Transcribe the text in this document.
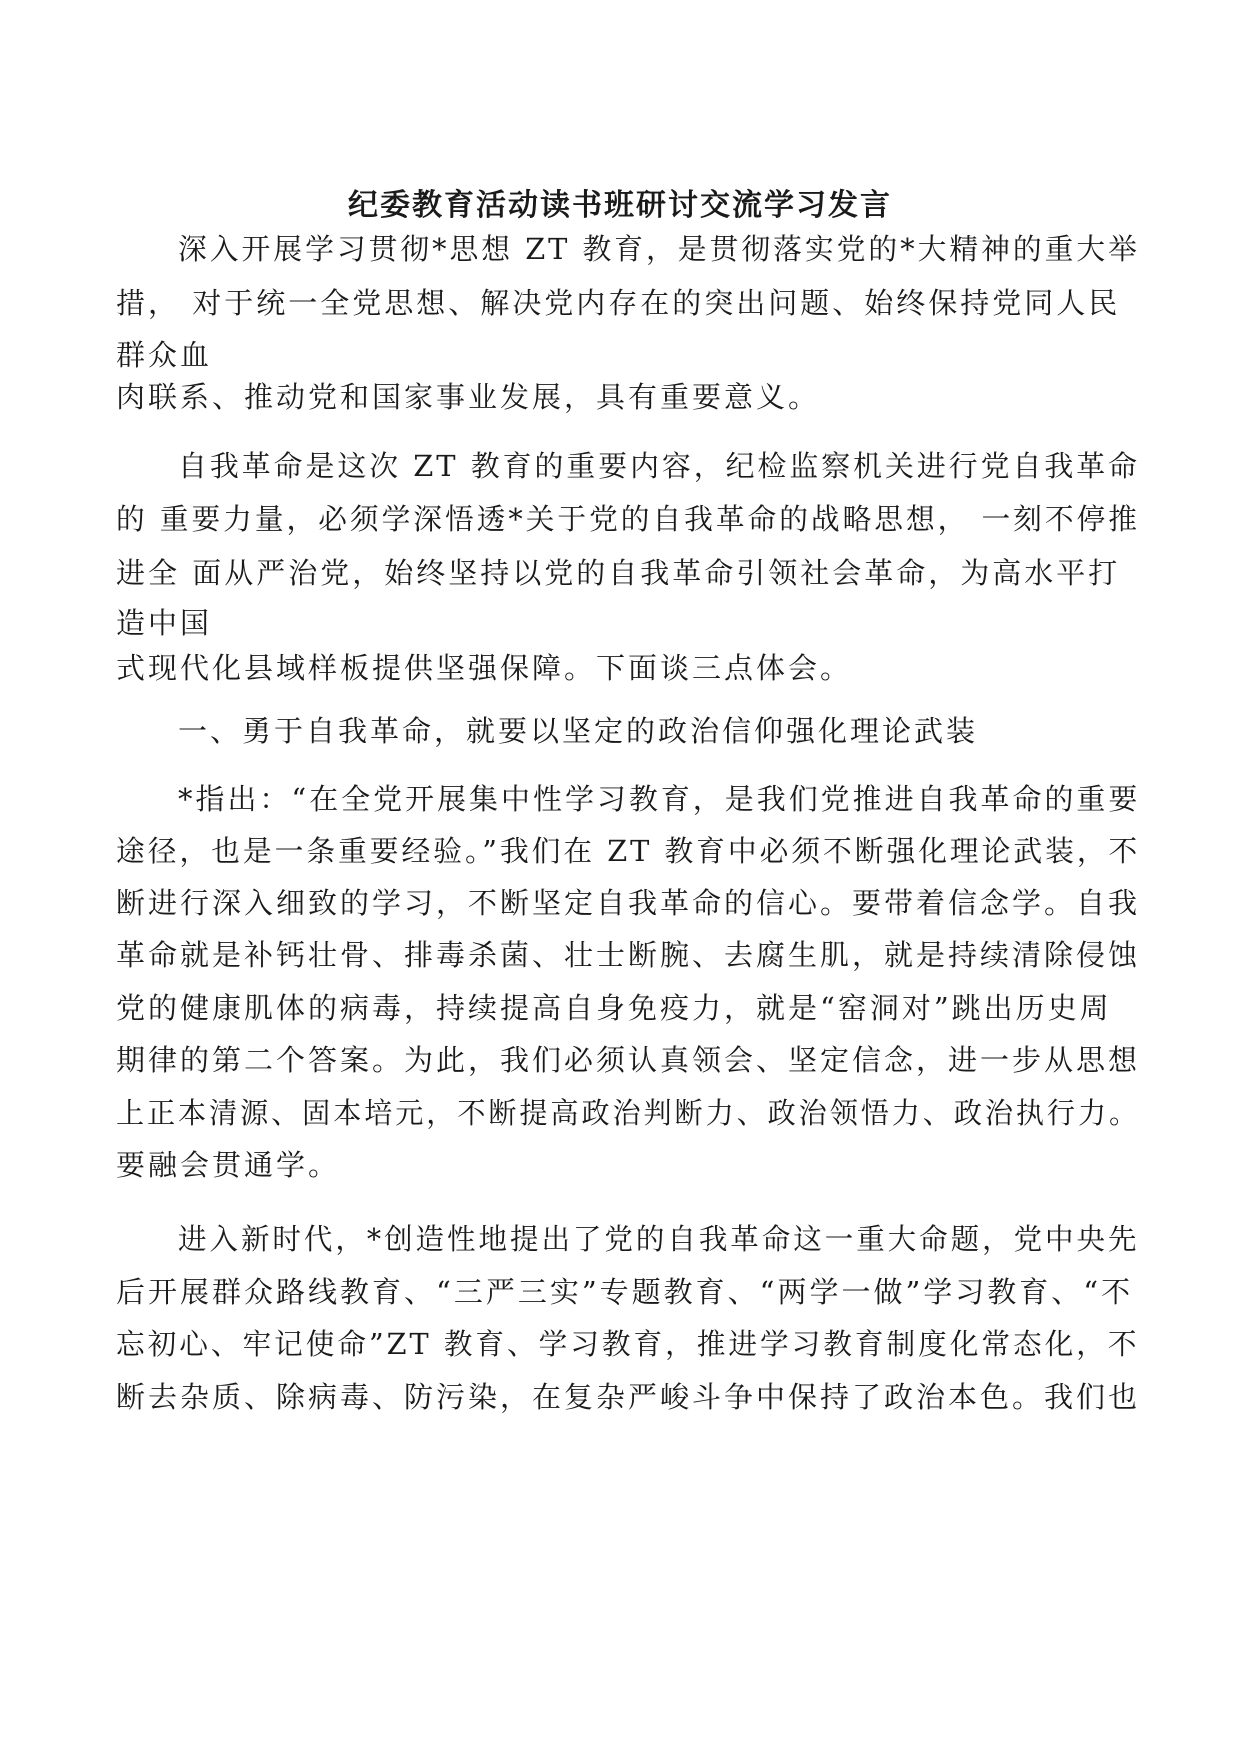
纪委教育活动读书班研讨交流学习发言
深入开展学习贯彻*思想 ZT 教育，是贯彻落实党的*大精神的重大举
措， 对于统一全党思想、解决党内存在的突出问题、始终保持党同人民
群众血
肉联系、推动党和国家事业发展，具有重要意义。
自我革命是这次 ZT 教育的重要内容，纪检监察机关进行党自我革命
的 重要力量，必须学深悟透*关于党的自我革命的战略思想， 一刻不停推
进全 面从严治党，始终坚持以党的自我革命引领社会革命，为高水平打
造中国
式现代化县域样板提供坚强保障。下面谈三点体会。
一、勇于自我革命，就要以坚定的政治信仰强化理论武装
*指出：“在全党开展集中性学习教育，是我们党推进自我革命的重要
途径，也是一条重要经验。”我们在 ZT 教育中必须不断强化理论武装，不
断进行深入细致的学习，不断坚定自我革命的信心。要带着信念学。自我
革命就是补钙壮骨、排毒杀菌、壮士断腕、去腐生肌，就是持续清除侵蚀
党的健康肌体的病毒，持续提高自身免疫力，就是“窑洞对”跳出历史周
期律的第二个答案。为此，我们必须认真领会、坚定信念，进一步从思想
上正本清源、固本培元，不断提高政治判断力、政治领悟力、政治执行力。
要融会贯通学。
进入新时代，*创造性地提出了党的自我革命这一重大命题，党中央先
后开展群众路线教育、“三严三实”专题教育、“两学一做”学习教育、“不
忘初心、牢记使命”ZT 教育、学习教育，推进学习教育制度化常态化，不
断去杂质、除病毒、防污染，在复杂严峻斗争中保持了政治本色。我们也
